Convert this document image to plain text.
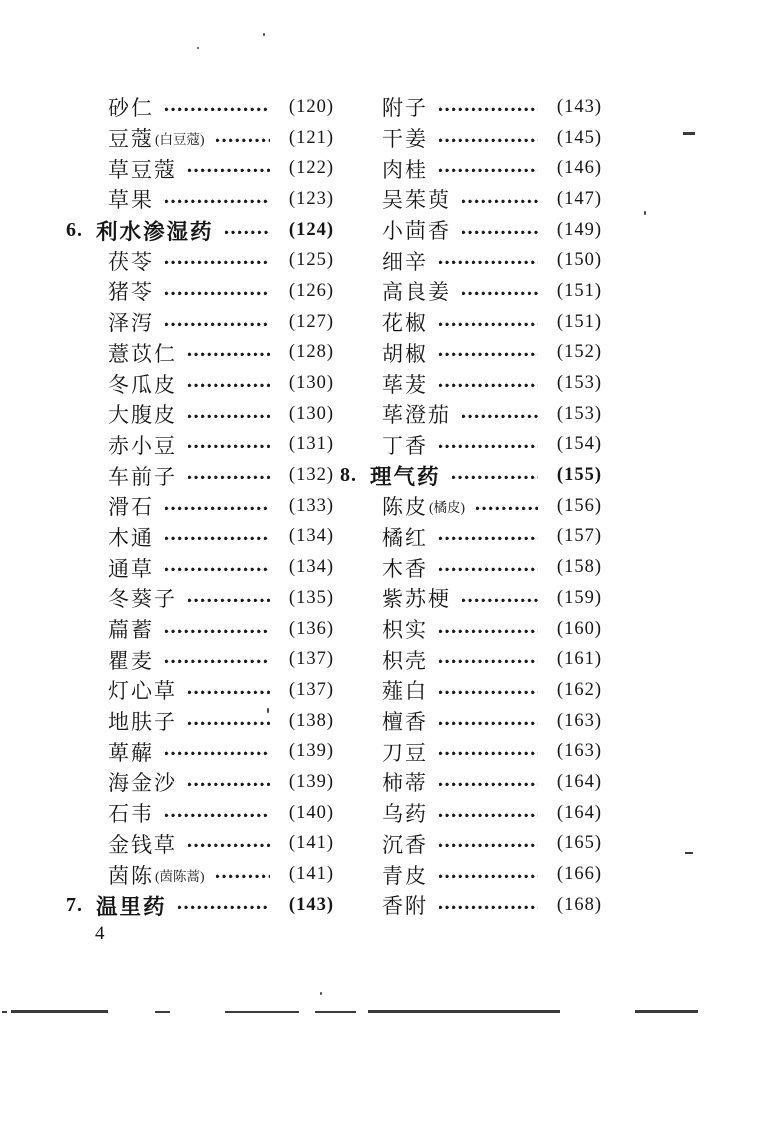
砂仁	(120)
豆蔻 (白豆蔻)	(121)
草豆蔻	(122)
草果	(123)
6. 利水渗湿药	(124)
茯苓	(125)
猪苓	(126)
泽泻	(127)
薏苡仁	(128)
冬瓜皮	(130)
大腹皮	(130)
赤小豆	(131)
车前子	(132)
滑石	(133)
木通	(134)
通草	(134)
冬葵子	(135)
萹蓄	(136)
瞿麦	(137)
灯心草	(137)
地肤子	(138)
萆薢	(139)
海金沙	(139)
石韦	(140)
金钱草	(141)
茵陈 (茵陈蒿)	(141)
7. 温里药	(143)
附子	(143)
干姜	(145)
肉桂	(146)
吴茱萸	(147)
小茴香	(149)
细辛	(150)
高良姜	(151)
花椒	(151)
胡椒	(152)
荜茇	(153)
荜澄茄	(153)
丁香	(154)
8. 理气药	(155)
陈皮 (橘皮)	(156)
橘红	(157)
木香	(158)
紫苏梗	(159)
枳实	(160)
枳壳	(161)
薤白	(162)
檀香	(163)
刀豆	(163)
柿蒂	(164)
乌药	(164)
沉香	(165)
青皮	(166)
香附	(168)
4
